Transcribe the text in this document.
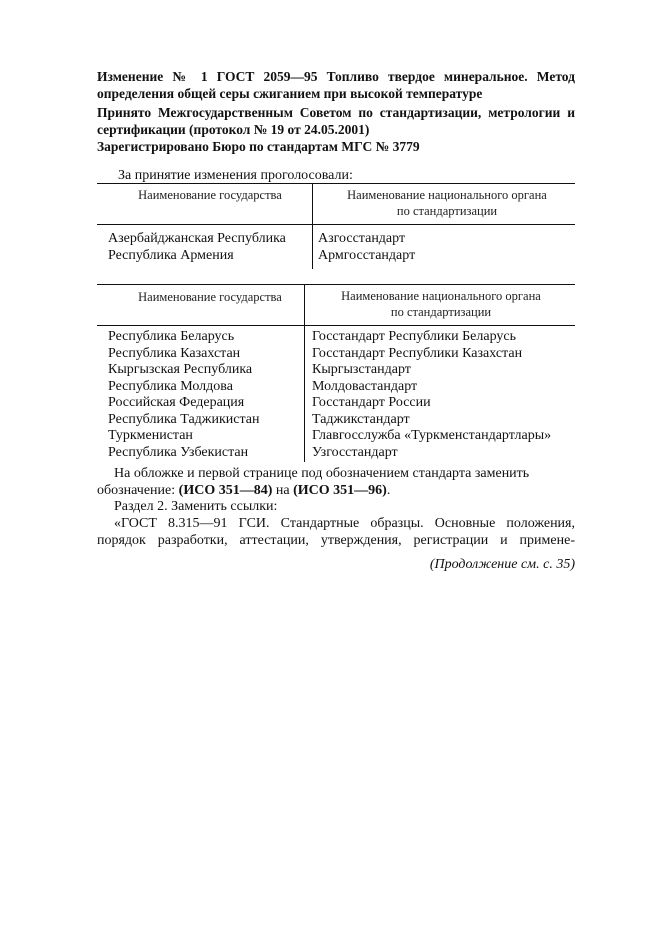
Изменение № 1 ГОСТ 2059—95 Топливо твердое минеральное. Метод определения общей серы сжиганием при высокой температуре
Принято Межгосударственным Советом по стандартизации, метрологии и сертификации (протокол № 19 от 24.05.2001)
Зарегистрировано Бюро по стандартам МГС № 3779
За принятие изменения проголосовали:
Наименование государства	Наименование национального органа по стандартизации
Азербайджанская Республика
Республика Армения
Азгосстандарт
Армгосстандарт
Наименование государства	Наименование национального органа по стандартизации
Республика Беларусь
Республика Казахстан
Кыргызская Республика
Республика Молдова
Российская Федерация
Республика Таджикистан
Туркменистан
Республика Узбекистан
Госстандарт Республики Беларусь
Госстандарт Республики Казахстан
Кыргызстандарт
Молдовастандарт
Госстандарт России
Таджикстандарт
Главгосслужба «Туркменстандартлары»
Узгосстандарт
На обложке и первой странице под обозначением стандарта заменить
обозначение: (ИСО 351—84) на (ИСО 351—96).
Раздел 2. Заменить ссылки:
«ГОСТ 8.315—91 ГСИ. Стандартные образцы. Основные положения,
порядок разработки, аттестации, утверждения, регистрации и примене-
(Продолжение см. с. 35)
